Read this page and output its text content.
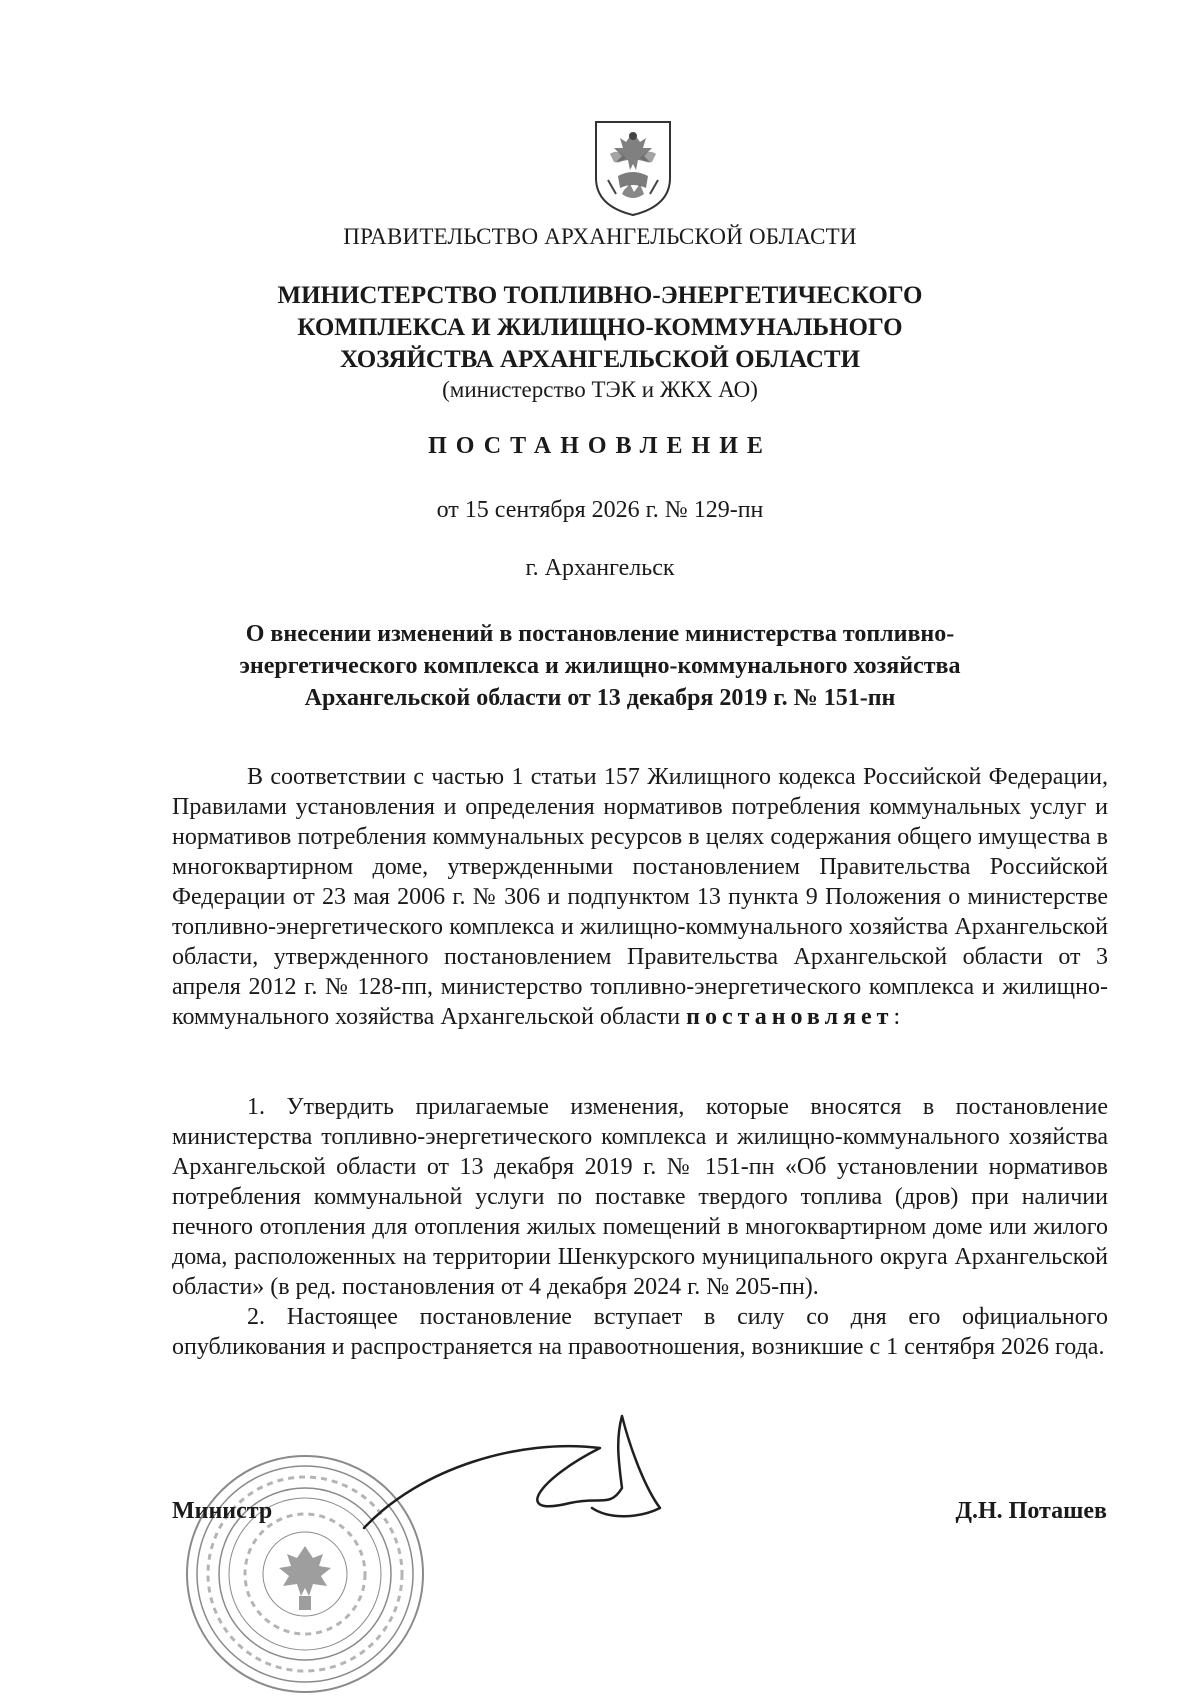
ПРАВИТЕЛЬСТВО АРХАНГЕЛЬСКОЙ ОБЛАСТИ
МИНИСТЕРСТВО ТОПЛИВНО-ЭНЕРГЕТИЧЕСКОГО
КОМПЛЕКСА И ЖИЛИЩНО-КОММУНАЛЬНОГО
ХОЗЯЙСТВА АРХАНГЕЛЬСКОЙ ОБЛАСТИ
(министерство ТЭК и ЖКХ АО)
ПОСТАНОВЛЕНИЕ
от 15 сентября 2026 г. № 129-пн
г. Архангельск
О внесении изменений в постановление министерства топливно-
энергетического комплекса и жилищно-коммунального хозяйства
Архангельской области от 13 декабря 2019 г. № 151-пн

В соответствии с частью 1 статьи 157 Жилищного кодекса Российской Федерации, Правилами установления и определения нормативов потребления коммунальных услуг и нормативов потребления коммунальных ресурсов в целях содержания общего имущества в многоквартирном доме, утвержденными постановлением Правительства Российской Федерации от 23 мая 2006 г. № 306 и подпунктом 13 пункта 9 Положения о министерстве топливно-энергетического комплекса и жилищно-коммунального хозяйства Архангельской области, утвержденного постановлением Правительства Архангельской области от 3 апреля 2012 г. № 128-пп, министерство топливно-энергетического комплекса и жилищно-коммунального хозяйства Архангельской области постановляет:

1. Утвердить прилагаемые изменения, которые вносятся в постановление министерства топливно-энергетического комплекса и жилищно-коммунального хозяйства Архангельской области от 13 декабря 2019 г. № 151-пн «Об установлении нормативов потребления коммунальной услуги по поставке твердого топлива (дров) при наличии печного отопления для отопления жилых помещений в многоквартирном доме или жилого дома, расположенных на территории Шенкурского муниципального округа Архангельской области» (в ред. постановления от 4 декабря 2024 г. № 205-пн).

2. Настоящее постановление вступает в силу со дня его официального опубликования и распространяется на правоотношения, возникшие с 1 сентября 2026 года.

Министр	Д.Н. Поташев
